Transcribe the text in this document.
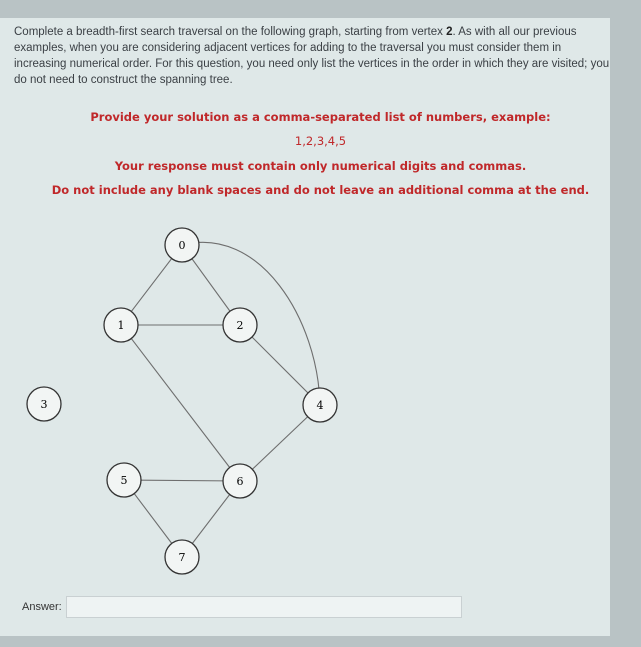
Complete a breadth-first search traversal on the following graph, starting from vertex 2. As with all our previous examples, when you are considering adjacent vertices for adding to the traversal you must consider them in increasing numerical order. For this question, you need only list the vertices in the order in which they are visited; you do not need to construct the spanning tree.
Provide your solution as a comma-separated list of numbers, example:
1,2,3,4,5
Your response must contain only numerical digits and commas.
Do not include any blank spaces and do not leave an additional comma at the end.
0
1	2
3	4
5	6
7
Answer:
